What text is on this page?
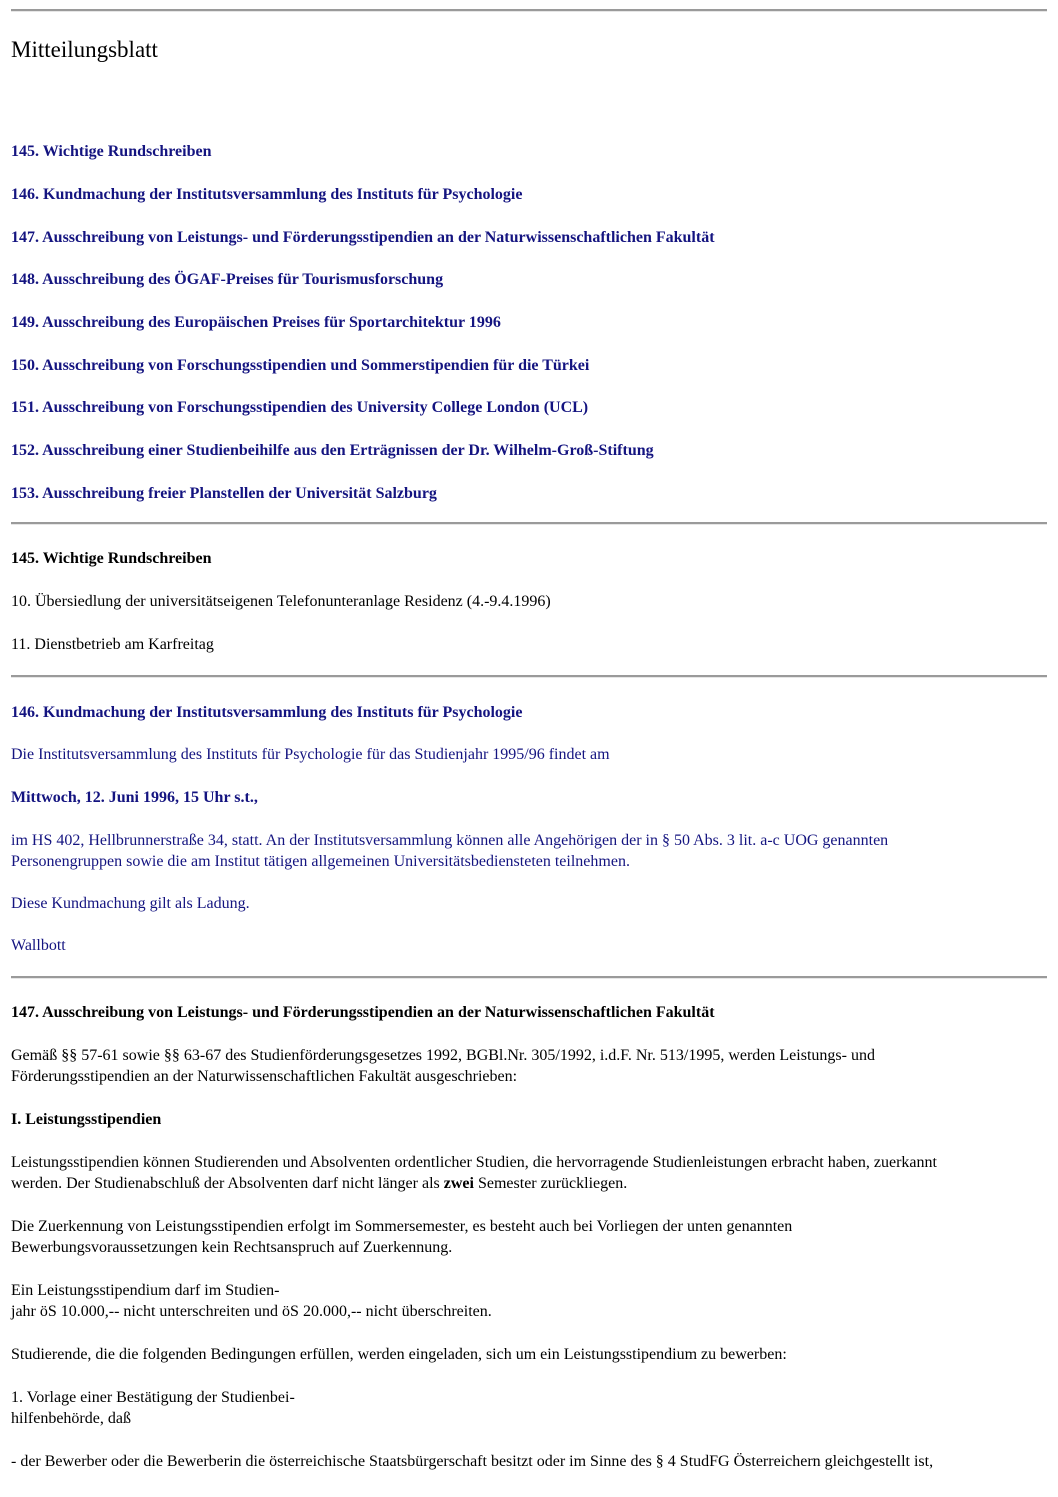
Mitteilungsblatt
145. Wichtige Rundschreiben
146. Kundmachung der Institutsversammlung des Instituts für Psychologie
147. Ausschreibung von Leistungs- und Förderungsstipendien an der Naturwissenschaftlichen Fakultät
148. Ausschreibung des ÖGAF-Preises für Tourismusforschung
149. Ausschreibung des Europäischen Preises für Sportarchitektur 1996
150. Ausschreibung von Forschungsstipendien und Sommerstipendien für die Türkei
151. Ausschreibung von Forschungsstipendien des University College London (UCL)
152. Ausschreibung einer Studienbeihilfe aus den Erträgnissen der Dr. Wilhelm-Groß-Stiftung
153. Ausschreibung freier Planstellen der Universität Salzburg
145. Wichtige Rundschreiben
10. Übersiedlung der universitätseigenen Telefonunteranlage Residenz (4.-9.4.1996)
11. Dienstbetrieb am Karfreitag
146. Kundmachung der Institutsversammlung des Instituts für Psychologie
Die Institutsversammlung des Instituts für Psychologie für das Studienjahr 1995/96 findet am
Mittwoch, 12. Juni 1996, 15 Uhr s.t.,
im HS 402, Hellbrunnerstraße 34, statt. An der Institutsversammlung können alle Angehörigen der in § 50 Abs. 3 lit. a-c UOG genannten
Personengruppen sowie die am Institut tätigen allgemeinen Universitätsbediensteten teilnehmen.
Diese Kundmachung gilt als Ladung.
Wallbott
147. Ausschreibung von Leistungs- und Förderungsstipendien an der Naturwissenschaftlichen Fakultät
Gemäß §§ 57-61 sowie §§ 63-67 des Studienförderungsgesetzes 1992, BGBl.Nr. 305/1992, i.d.F. Nr. 513/1995, werden Leistungs- und
Förderungsstipendien an der Naturwissenschaftlichen Fakultät ausgeschrieben:
I. Leistungsstipendien
Leistungsstipendien können Studierenden und Absolventen ordentlicher Studien, die hervorragende Studienleistungen erbracht haben, zuerkannt
werden. Der Studienabschluß der Absolventen darf nicht länger als zwei Semester zurückliegen.
Die Zuerkennung von Leistungsstipendien erfolgt im Sommersemester, es besteht auch bei Vorliegen der unten genannten
Bewerbungsvoraussetzungen kein Rechtsanspruch auf Zuerkennung.
Ein Leistungsstipendium darf im Studien-
jahr öS 10.000,-- nicht unterschreiten und öS 20.000,-- nicht überschreiten.
Studierende, die die folgenden Bedingungen erfüllen, werden eingeladen, sich um ein Leistungsstipendium zu bewerben:
1. Vorlage einer Bestätigung der Studienbei-
hilfenbehörde, daß
- der Bewerber oder die Bewerberin die österreichische Staatsbürgerschaft besitzt oder im Sinne des § 4 StudFG Österreichern gleichgestellt ist,
